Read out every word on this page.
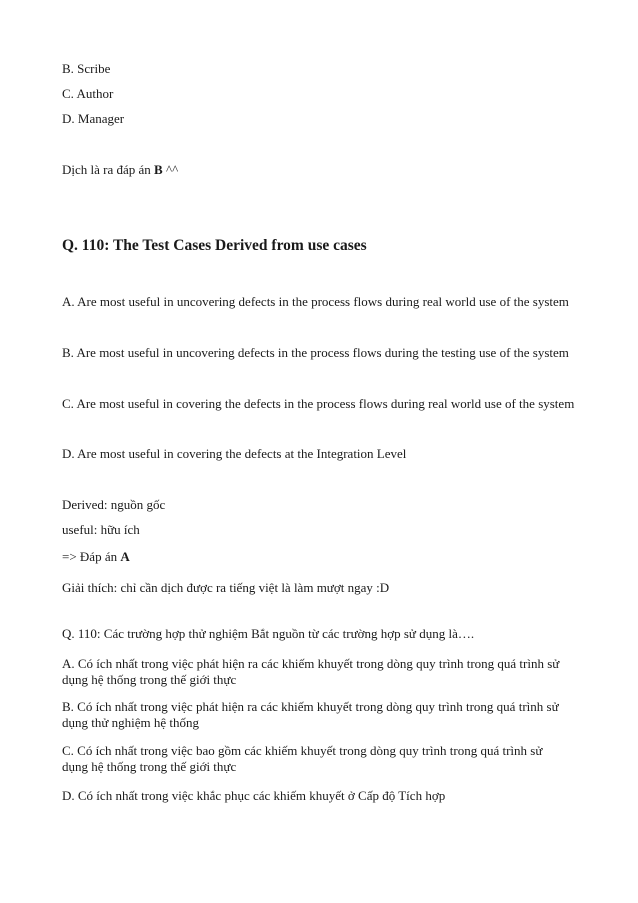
B. Scribe
C. Author
D. Manager
Dịch là ra đáp án B ^^
Q. 110: The Test Cases Derived from use cases
A. Are most useful in uncovering defects in the process flows during real world use of the system
B. Are most useful in uncovering defects in the process flows during the testing use of the system
C. Are most useful in covering the defects in the process flows during real world use of the system
D. Are most useful in covering the defects at the Integration Level
Derived: nguồn gốc
useful: hữu ích
=> Đáp án A
Giải thích: chỉ cần dịch được ra tiếng việt là làm mượt ngay :D
Q. 110: Các trường hợp thử nghiệm Bắt nguồn từ các trường hợp sử dụng là….
A. Có ích nhất trong việc phát hiện ra các khiếm khuyết trong dòng quy trình trong quá trình sử dụng hệ thống trong thế giới thực
B. Có ích nhất trong việc phát hiện ra các khiếm khuyết trong dòng quy trình trong quá trình sử dụng thử nghiệm hệ thống
C. Có ích nhất trong việc bao gồm các khiếm khuyết trong dòng quy trình trong quá trình sử dụng hệ thống trong thế giới thực
D. Có ích nhất trong việc khắc phục các khiếm khuyết ở Cấp độ Tích hợp
